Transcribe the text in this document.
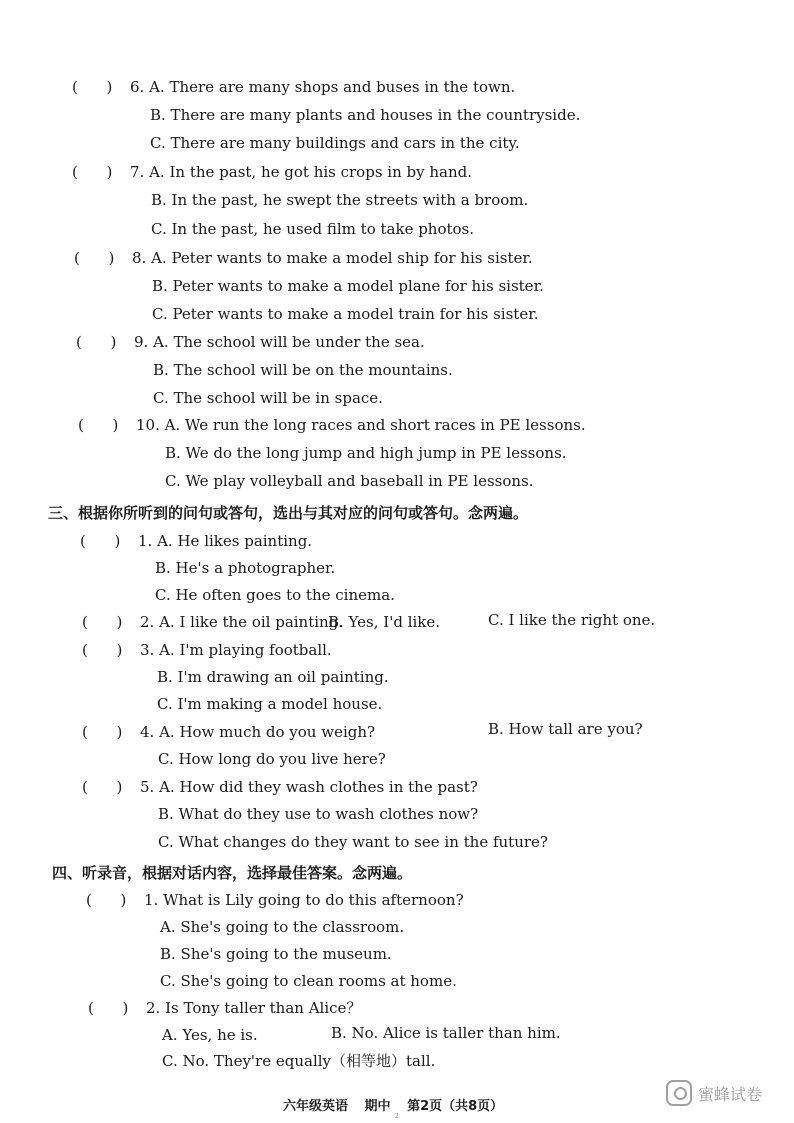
(      ) 6. A. There are many shops and buses in the town.
B. There are many plants and houses in the countryside.
C. There are many buildings and cars in the city.
(      ) 7. A. In the past, he got his crops in by hand.
B. In the past, he swept the streets with a broom.
C. In the past, he used film to take photos.
(      ) 8. A. Peter wants to make a model ship for his sister.
B. Peter wants to make a model plane for his sister.
C. Peter wants to make a model train for his sister.
(      ) 9. A. The school will be under the sea.
B. The school will be on the mountains.
C. The school will be in space.
(      ) 10. A. We run the long races and short races in PE lessons.
B. We do the long jump and high jump in PE lessons.
C. We play volleyball and baseball in PE lessons.
三、根据你所听到的问句或答句，选出与其对应的问句或答句。念两遍。
(      ) 1. A. He likes painting.
B. He's a photographer.
C. He often goes to the cinema.
(      ) 2. A. I like the oil painting.
B. Yes, I'd like.	C. I like the right one.
(      ) 3. A. I'm playing football.
B. I'm drawing an oil painting.
C. I'm making a model house.
(      ) 4. A. How much do you weigh?	B. How tall are you?
C. How long do you live here?
(      ) 5. A. How did they wash clothes in the past?
B. What do they use to wash clothes now?
C. What changes do they want to see in the future?
四、听录音，根据对话内容，选择最佳答案。念两遍。
(      ) 1. What is Lily going to do this afternoon?
A. She's going to the classroom.
B. She's going to the museum.
C. She's going to clean rooms at home.
(      ) 2. Is Tony taller than Alice？
A. Yes, he is.	B. No. Alice is taller than him.
C. No. They're equally（相等地）tall.
六年级英语 期中 第2页（共8页）
2
蜜蜂试卷
